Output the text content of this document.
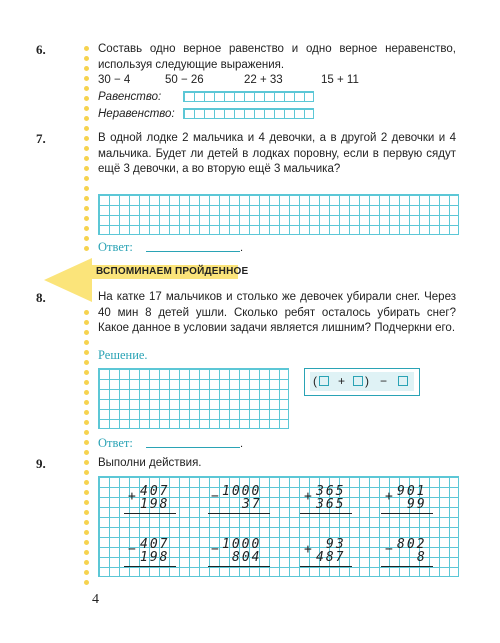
6.	Составь одно верное равенство и одно верное неравенство, используя следующие выражения.
30 − 4	50 − 26	22 + 33	15 + 11
Равенство:
Неравенство:
7.	В одной лодке 2 мальчика и 4 девочки, а в другой 2 девочки и 4 мальчика. Будет ли детей в лодках поровну, если в первую сядут ещё 3 девочки, а во вторую ещё 3 мальчика?
Ответ:	.
ВСПОМИНАЕМ ПРОЙДЕННОЕ
8.	На катке 17 мальчиков и столько же девочек убирали снег. Через 40 мин 8 детей ушли. Сколько ребят осталось убирать снег? Какое данное в условии задачи является лишним? Подчеркни его.
Решение.
( + ) −
Ответ:	.
9.	Выполни действия.
+ 407
198
− 1000
37
+ 365
365
+ 901
99
− 407
198
− 1000
804
+ 93
487
− 802
8
4
